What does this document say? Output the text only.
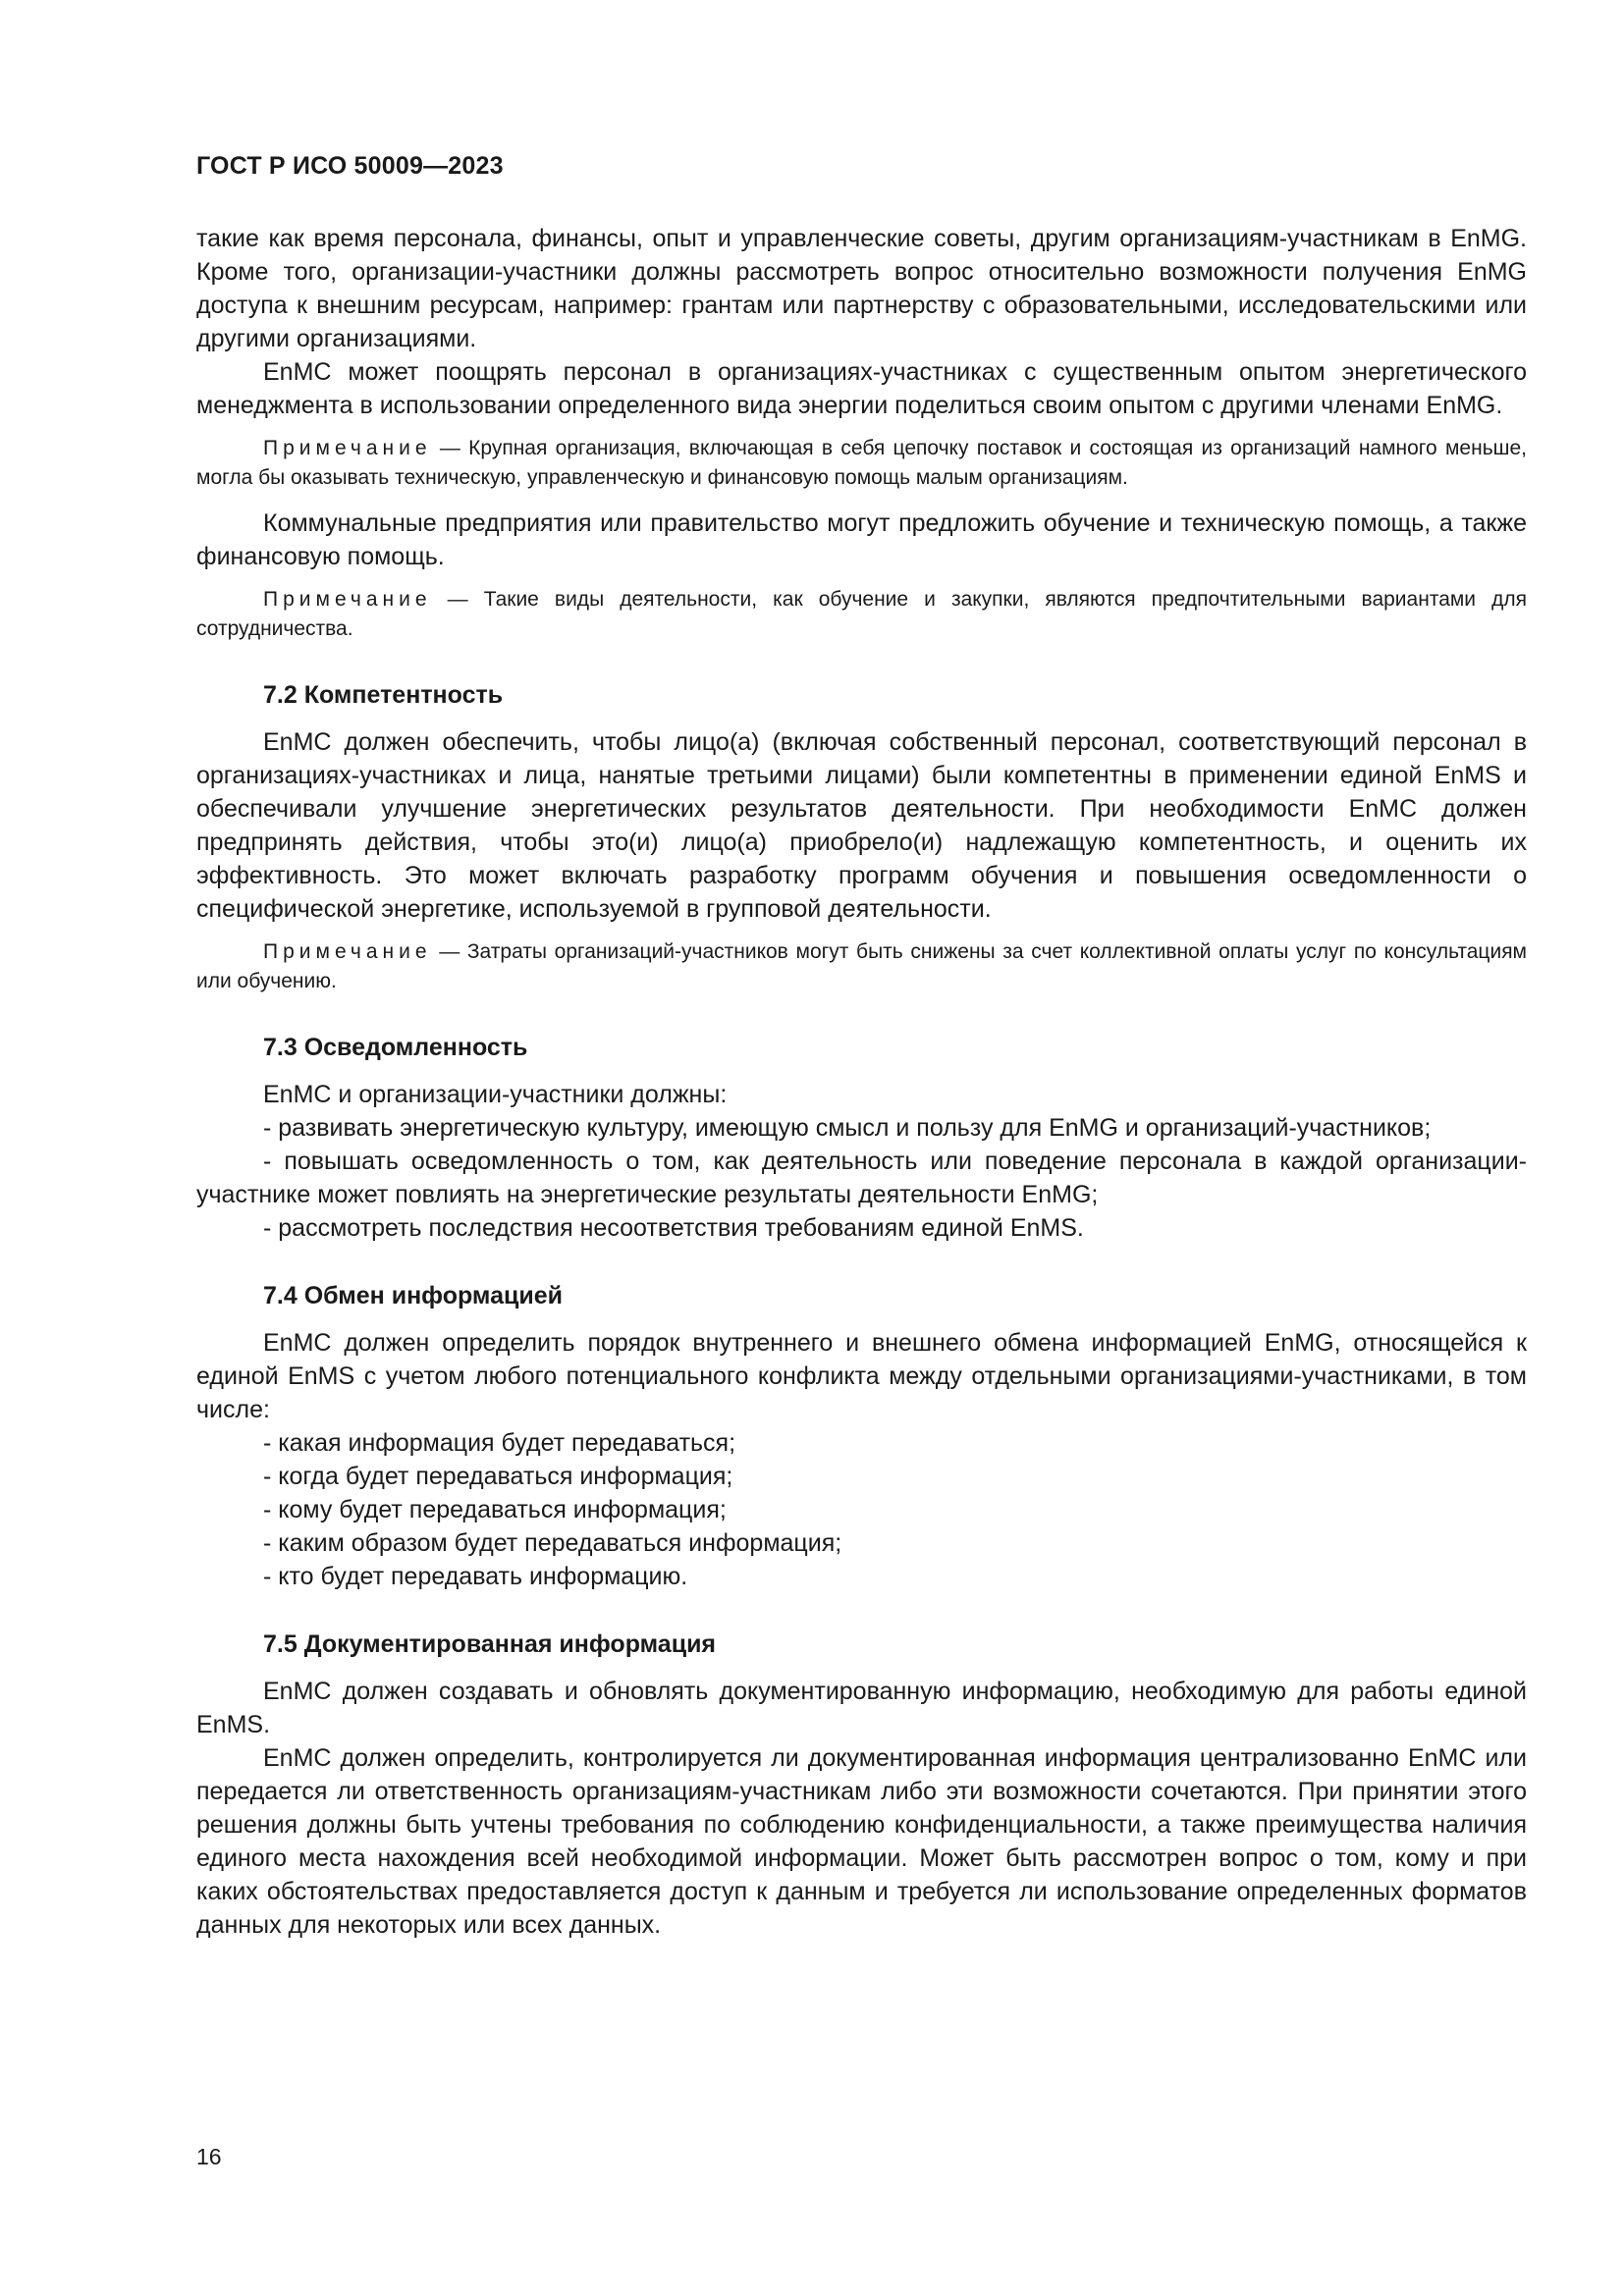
ГОСТ Р ИСО 50009—2023

такие как время персонала, финансы, опыт и управленческие советы, другим организациям-участникам в EnMG. Кроме того, организации-участники должны рассмотреть вопрос относительно возможности получения EnMG доступа к внешним ресурсам, например: грантам или партнерству с образовательными, исследовательскими или другими организациями.

EnMC может поощрять персонал в организациях-участниках с существенным опытом энергетического менеджмента в использовании определенного вида энергии поделиться своим опытом с другими членами EnMG.

Примечание — Крупная организация, включающая в себя цепочку поставок и состоящая из организаций намного меньше, могла бы оказывать техническую, управленческую и финансовую помощь малым организациям.

Коммунальные предприятия или правительство могут предложить обучение и техническую помощь, а также финансовую помощь.

Примечание — Такие виды деятельности, как обучение и закупки, являются предпочтительными вариантами для сотрудничества.
7.2 Компетентность

EnMC должен обеспечить, чтобы лицо(а) (включая собственный персонал, соответствующий персонал в организациях-участниках и лица, нанятые третьими лицами) были компетентны в применении единой EnMS и обеспечивали улучшение энергетических результатов деятельности. При необходимости EnMC должен предпринять действия, чтобы это(и) лицо(а) приобрело(и) надлежащую компетентность, и оценить их эффективность. Это может включать разработку программ обучения и повышения осведомленности о специфической энергетике, используемой в групповой деятельности.

Примечание — Затраты организаций-участников могут быть снижены за счет коллективной оплаты услуг по консультациям или обучению.
7.3 Осведомленность

EnMC и организации-участники должны:

- развивать энергетическую культуру, имеющую смысл и пользу для EnMG и организаций-участников;

- повышать осведомленность о том, как деятельность или поведение персонала в каждой организации-участнике может повлиять на энергетические результаты деятельности EnMG;

- рассмотреть последствия несоответствия требованиям единой EnMS.

7.4 Обмен информацией

EnMC должен определить порядок внутреннего и внешнего обмена информацией EnMG, относящейся к единой EnMS с учетом любого потенциального конфликта между отдельными организациями-участниками, в том числе:

- какая информация будет передаваться;

- когда будет передаваться информация;

- кому будет передаваться информация;

- каким образом будет передаваться информация;

- кто будет передавать информацию.

7.5 Документированная информация

EnMC должен создавать и обновлять документированную информацию, необходимую для работы единой EnMS.

EnMC должен определить, контролируется ли документированная информация централизованно EnMC или передается ли ответственность организациям-участникам либо эти возможности сочетаются. При принятии этого решения должны быть учтены требования по соблюдению конфиденциальности, а также преимущества наличия единого места нахождения всей необходимой информации. Может быть рассмотрен вопрос о том, кому и при каких обстоятельствах предоставляется доступ к данным и требуется ли использование определенных форматов данных для некоторых или всех данных.

16
